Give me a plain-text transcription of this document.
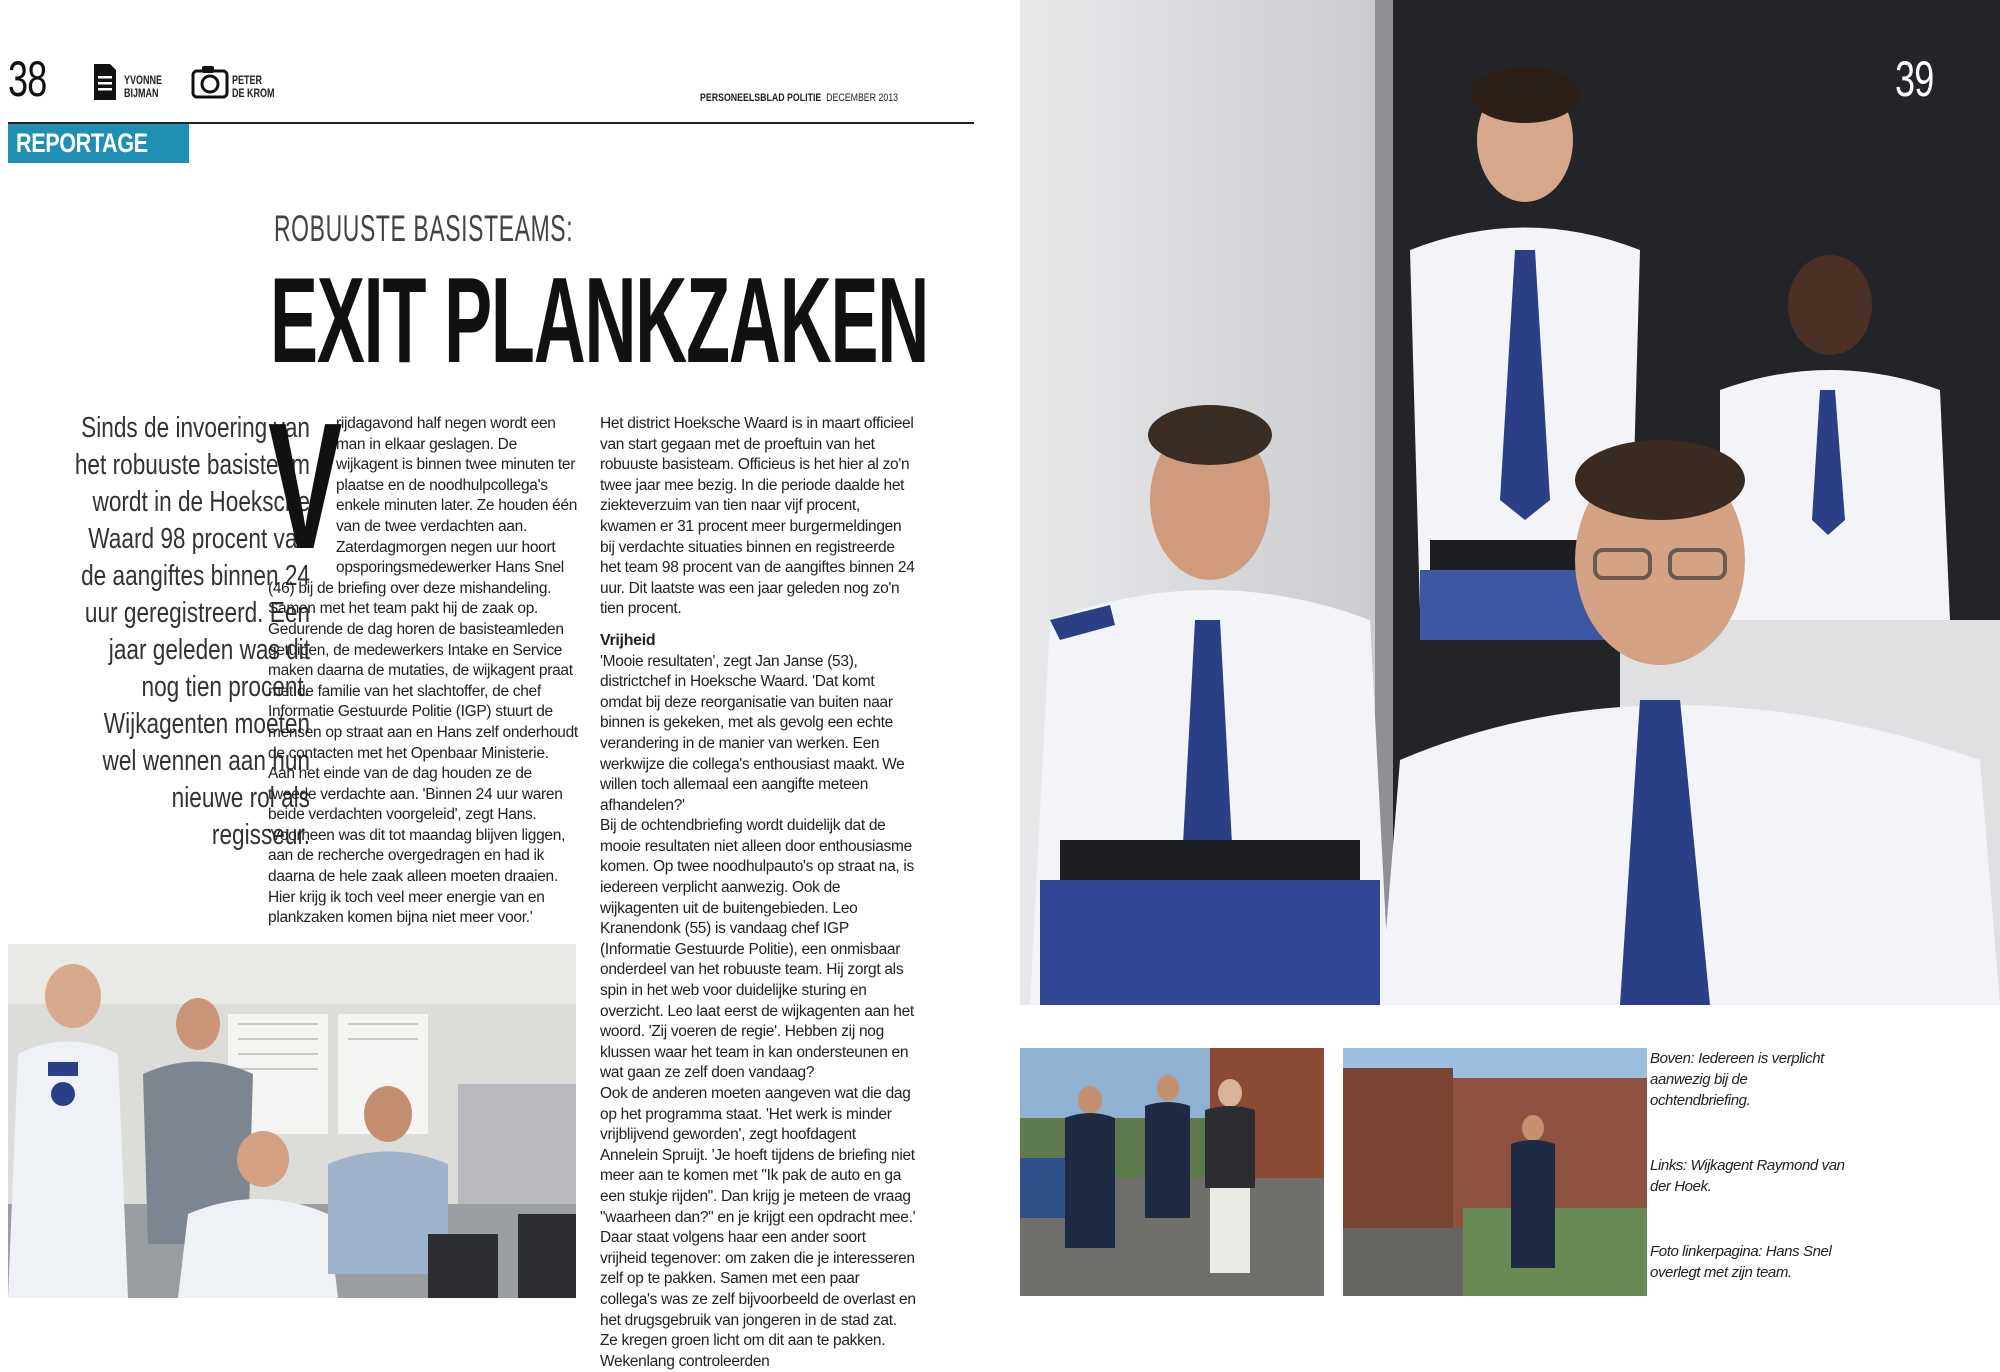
38	YVONNE
BIJMAN
PETER
DE KROM	PERSONEELSBLAD POLITIE DECEMBER 2013
REPORTAGE
ROBUUSTE BASISTEAMS:
EXIT PLANKZAKEN
Sinds de invoering van het robuuste basisteam wordt in de Hoeksche Waard 98 procent van de aangiftes binnen 24 uur geregistreerd. Een jaar geleden was dit nog tien procent. Wijkagenten moeten wel wennen aan hun nieuwe rol als regisseur.
V

rijdagavond half negen wordt een man in elkaar geslagen. De wijkagent is binnen twee minuten ter plaatse en de noodhulpcollega's enkele minuten later. Ze houden één van de twee verdachten aan. Zaterdagmorgen negen uur hoort opsporingsmedewerker Hans Snel (46) bij de briefing over deze mishandeling. Samen met het team pakt hij de zaak op. Gedurende de dag horen de basisteamleden getuigen, de medewerkers Intake en Service maken daarna de mutaties, de wijkagent praat met de familie van het slachtoffer, de chef Informatie Gestuurde Politie (IGP) stuurt de mensen op straat aan en Hans zelf onderhoudt de contacten met het Openbaar Ministerie. Aan het einde van de dag houden ze de tweede verdachte aan. 'Binnen 24 uur waren beide verdachten voorgeleid', zegt Hans. 'Voorheen was dit tot maandag blijven liggen, aan de recherche overgedragen en had ik daarna de hele zaak alleen moeten draaien. Hier krijg ik toch veel meer energie van en plankzaken komen bijna niet meer voor.'

Het district Hoeksche Waard is in maart officieel van start gegaan met de proeftuin van het robuuste basisteam. Officieus is het hier al zo'n twee jaar mee bezig. In die periode daalde het ziekteverzuim van tien naar vijf procent, kwamen er 31 procent meer burgermeldingen bij verdachte situaties binnen en registreerde het team 98 procent van de aangiftes binnen 24 uur. Dit laatste was een jaar geleden nog zo'n tien procent.

Vrijheid

'Mooie resultaten', zegt Jan Janse (53), districtchef in Hoeksche Waard. 'Dat komt omdat bij deze reorganisatie van buiten naar binnen is gekeken, met als gevolg een echte verandering in de manier van werken. Een werkwijze die collega's enthousiast maakt. We willen toch allemaal een aangifte meteen afhandelen?'

Bij de ochtendbriefing wordt duidelijk dat de mooie resultaten niet alleen door enthousiasme komen. Op twee noodhulpauto's op straat na, is iedereen verplicht aanwezig. Ook de wijkagenten uit de buitengebieden. Leo Kranendonk (55) is vandaag chef IGP (Informatie Gestuurde Politie), een onmisbaar onderdeel van het robuuste team. Hij zorgt als spin in het web voor duidelijke sturing en overzicht. Leo laat eerst de wijkagenten aan het woord. 'Zij voeren de regie'. Hebben zij nog klussen waar het team in kan ondersteunen en wat gaan ze zelf doen vandaag?

Ook de anderen moeten aangeven wat die dag op het programma staat. 'Het werk is minder vrijblijvend geworden', zegt hoofdagent Annelein Spruijt. 'Je hoeft tijdens de briefing niet meer aan te komen met "Ik pak de auto en ga een stukje rijden". Dan krijg je meteen de vraag "waarheen dan?" en je krijgt een opdracht mee.' Daar staat volgens haar een ander soort vrijheid tegenover: om zaken die je interesseren zelf op te pakken. Samen met een paar collega's was ze zelf bijvoorbeeld de overlast en het drugsgebruik van jongeren in de stad zat. Ze kregen groen licht om dit aan te pakken. Wekenlang controleerden

39

Boven: Iedereen is verplicht aanwezig bij de ochtendbriefing.

Links: Wijkagent Raymond van der Hoek.

Foto linkerpagina: Hans Snel overlegt met zijn team.
